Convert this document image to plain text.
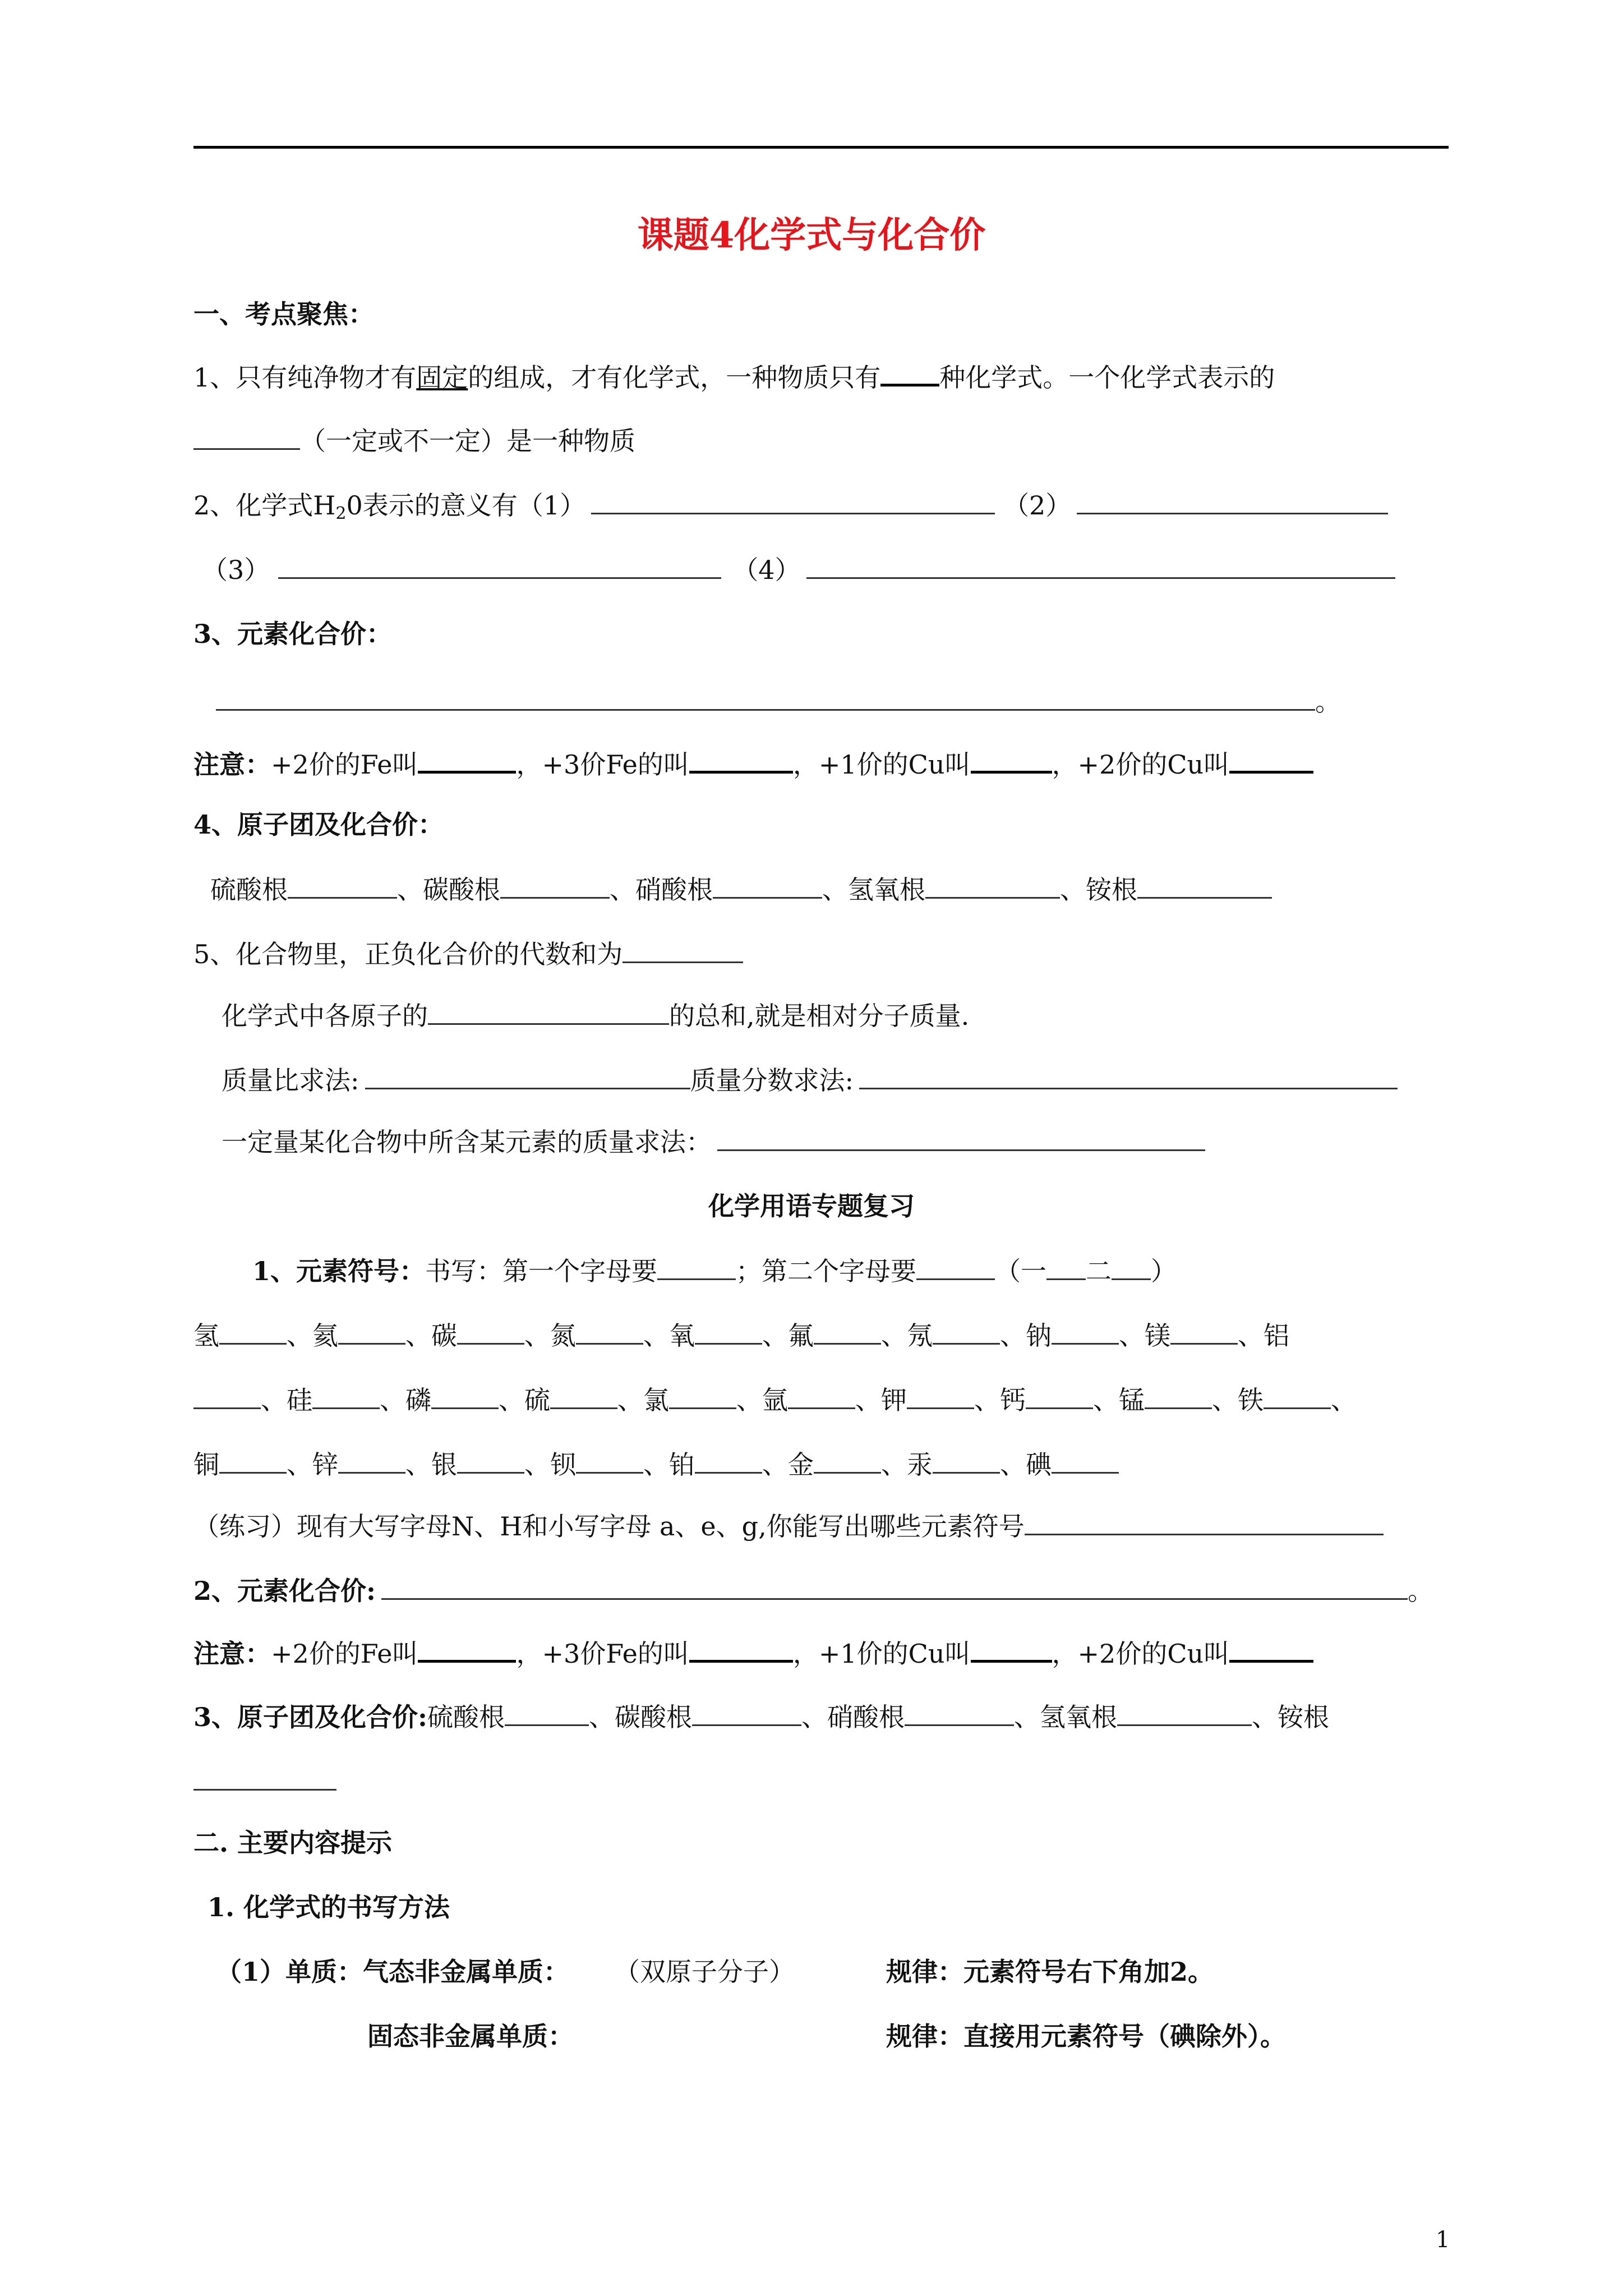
课题4化学式与化合价
一、考点聚焦：
1、只有纯净物才有固定的组成，才有化学式，一种物质只有 种化学式。一个化学式表示的
（一定或不一定）是一种物质
2、化学式H20表示的意义有（1）	（2）
（3）	（4）
3、元素化合价：
。
注意：+2价的Fe叫	，+3价Fe的叫	，+1价的Cu叫	，+2价的Cu叫
4、原子团及化合价：
硫酸根	、碳酸根	、硝酸根	、氢氧根	、铵根
5、化合物里，正负化合价的代数和为
化学式中各原子的	的总和,就是相对分子质量.
质量比求法:	质量分数求法:
一定量某化合物中所含某元素的质量求法：
化学用语专题复习
1、元素符号：书写：第一个字母要	；第二个字母要	（一 二 ）
氢	、氦	、碳	、氮	、氧	、氟	、氖	、钠	、镁	、铝
、硅	、磷	、硫	、氯	、氩	、钾	、钙	、锰	、铁	、
铜	、锌	、银	、钡	、铂	、金	、汞	、碘
（练习）现有大写字母N、H和小写字母 a、e、g,你能写出哪些元素符号
2、元素化合价:	。
注意：+2价的Fe叫	，+3价Fe的叫	，+1价的Cu叫	，+2价的Cu叫
3、原子团及化合价:硫酸根	、碳酸根	、硝酸根	、氢氧根	、铵根
二. 主要内容提示
1. 化学式的书写方法
（1）单质：气态非金属单质： （双原子分子）	规律：元素符号右下角加2。
固态非金属单质：	规律：直接用元素符号（碘除外）。
1
